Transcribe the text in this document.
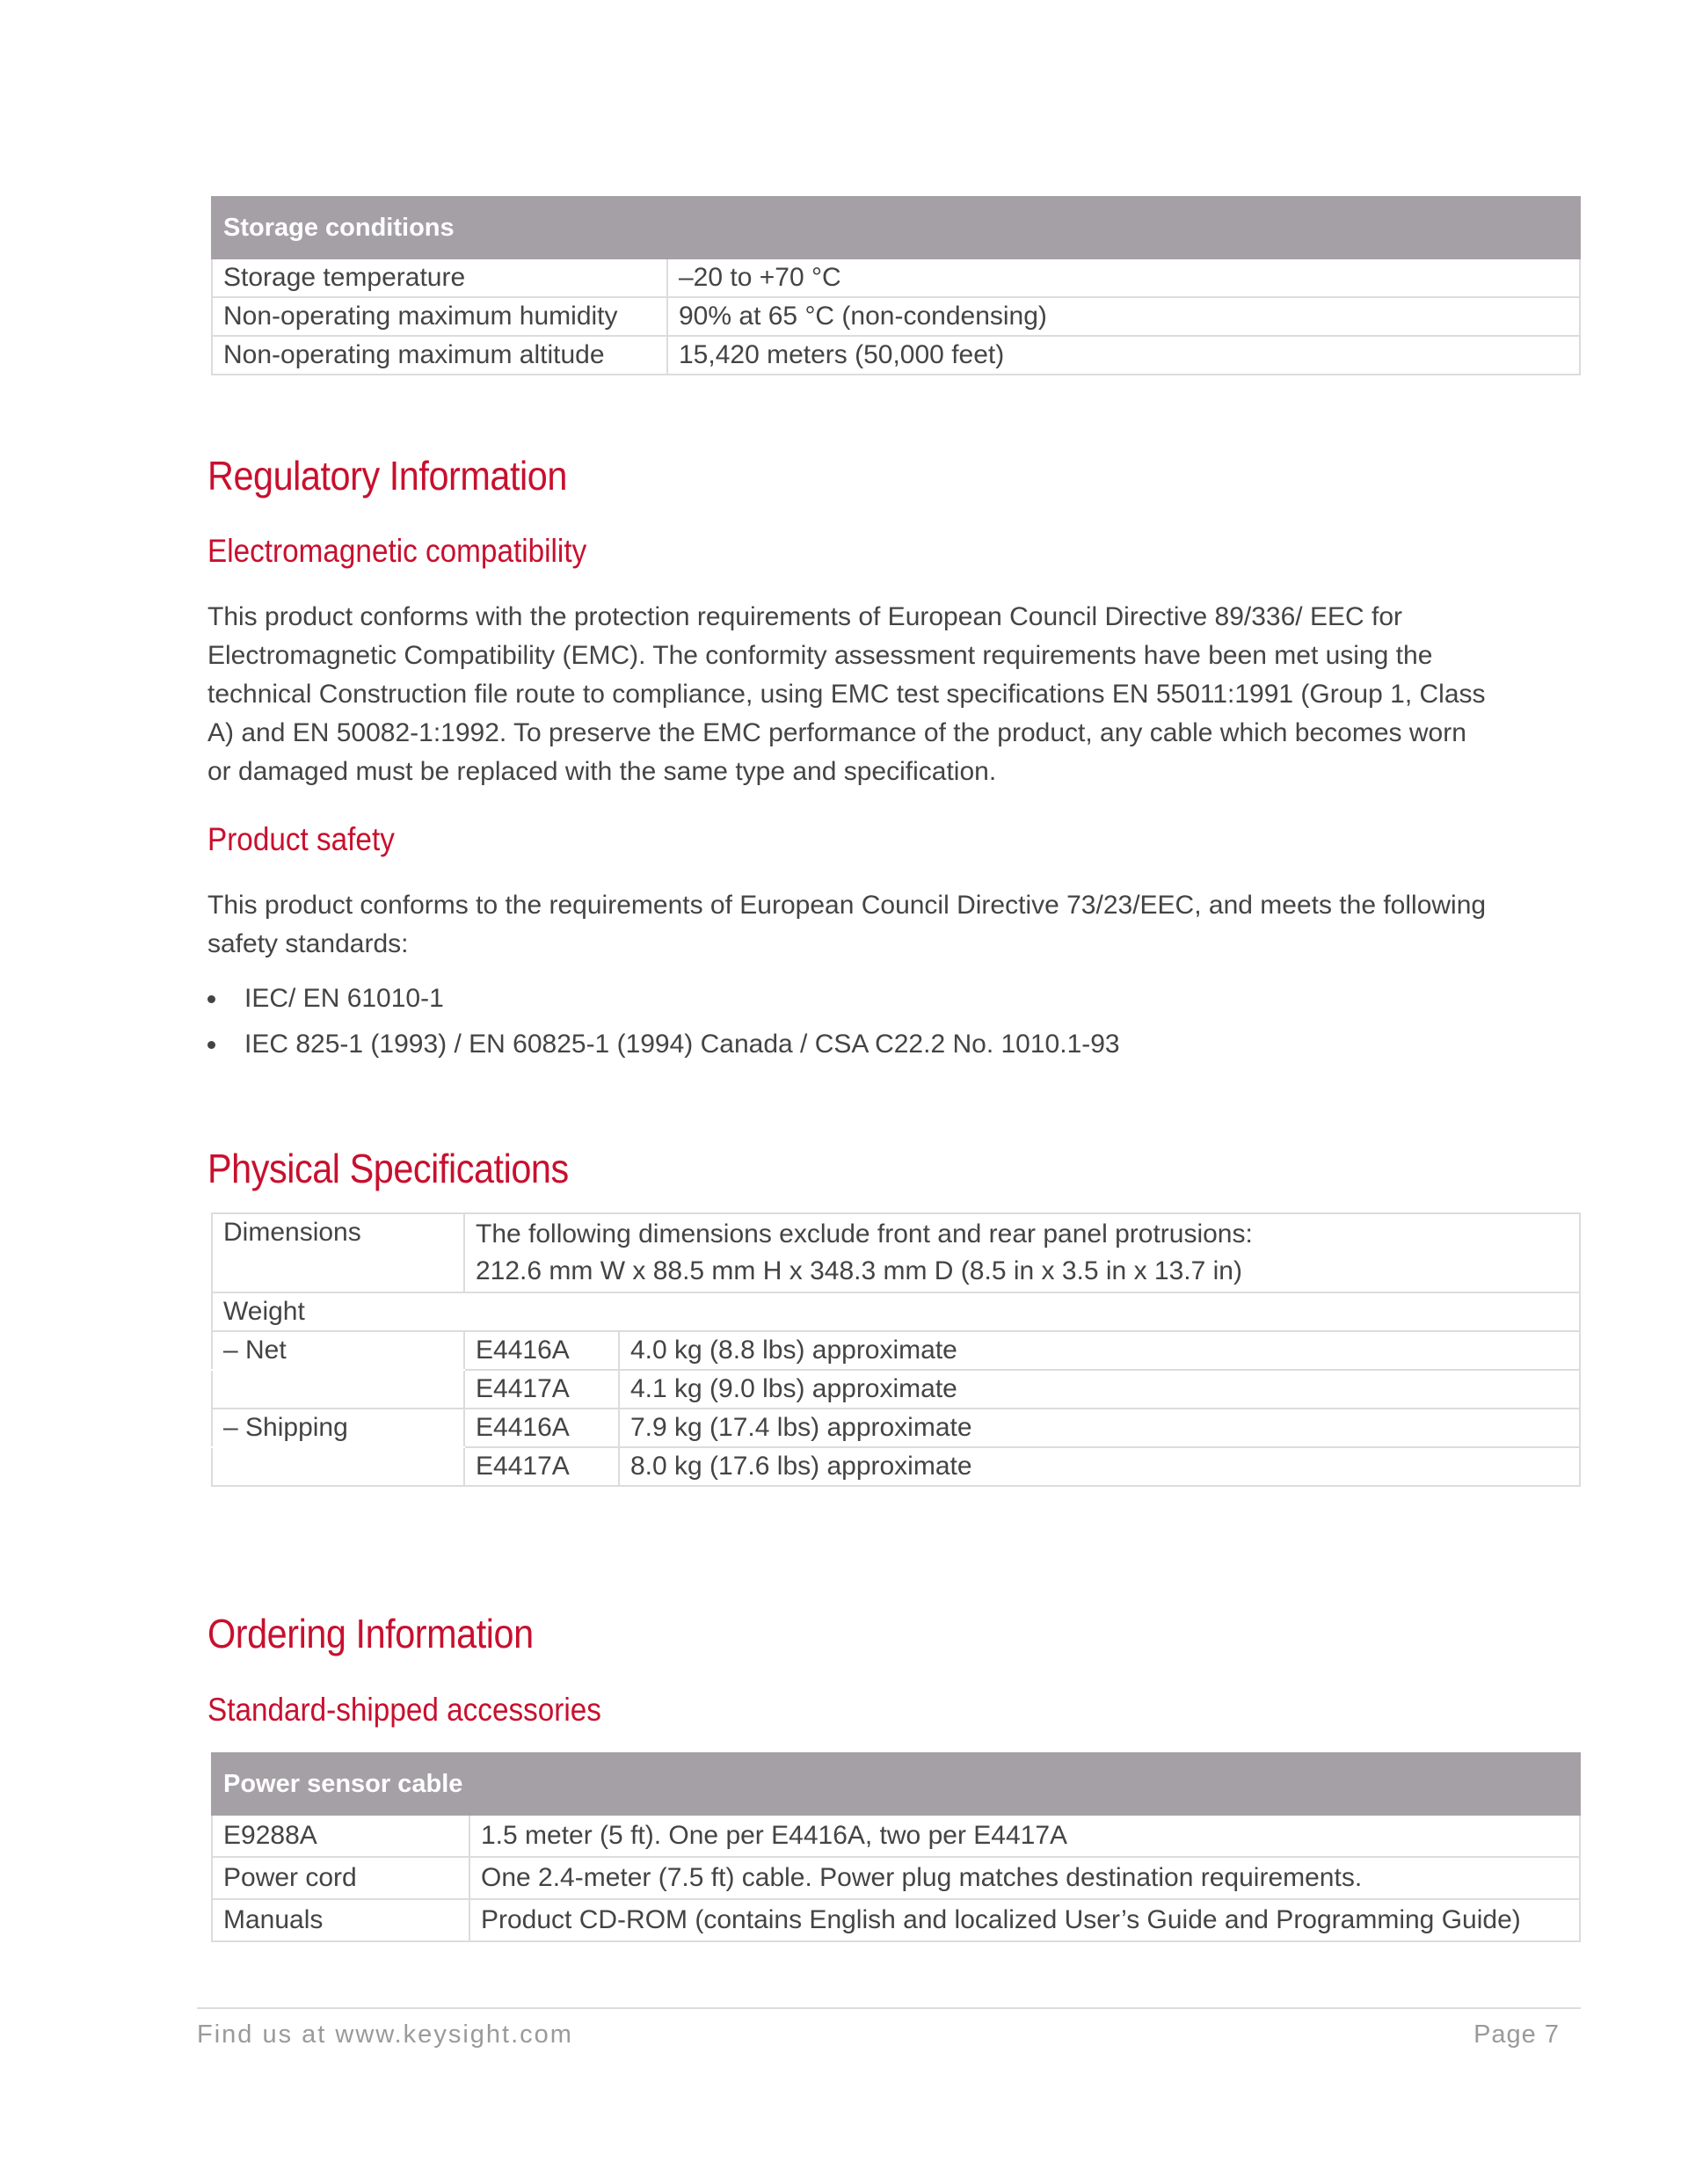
Storage conditions	
Storage temperature	–20 to +70 °C
Non-operating maximum humidity	90% at 65 °C (non-condensing)
Non-operating maximum altitude	15,420 meters (50,000 feet)
Regulatory Information
Electromagnetic compatibility

This product conforms with the protection requirements of European Council Directive 89/336/ EEC for Electromagnetic Compatibility (EMC). The conformity assessment requirements have been met using the technical Construction file route to compliance, using EMC test specifications EN 55011:1991 (Group 1, Class A) and EN 50082-1:1992. To preserve the EMC performance of the product, any cable which becomes worn or damaged must be replaced with the same type and specification.

Product safety

This product conforms to the requirements of European Council Directive 73/23/EEC, and meets the following safety standards:

IEC/ EN 61010-1
IEC 825-1 (1993) / EN 60825-1 (1994) Canada / CSA C22.2 No. 1010.1-93
Physical Specifications
Dimensions	The following dimensions exclude front and rear panel protrusions:
212.6 mm W x 88.5 mm H x 348.3 mm D (8.5 in x 3.5 in x 13.7 in)	

Weight		
– Net	E4416A	4.0 kg (8.8 lbs) approximate
	E4417A	4.1 kg (9.0 lbs) approximate
– Shipping	E4416A	7.9 kg (17.4 lbs) approximate
	E4417A	8.0 kg (17.6 lbs) approximate
Ordering Information
Standard-shipped accessories
Power sensor cable	
E9288A	1.5 meter (5 ft). One per E4416A, two per E4417A
Power cord	One 2.4-meter (7.5 ft) cable. Power plug matches destination requirements.
Manuals	Product CD-ROM (contains English and localized User’s Guide and Programming Guide)
Find us at www.keysight.com	Page 7
